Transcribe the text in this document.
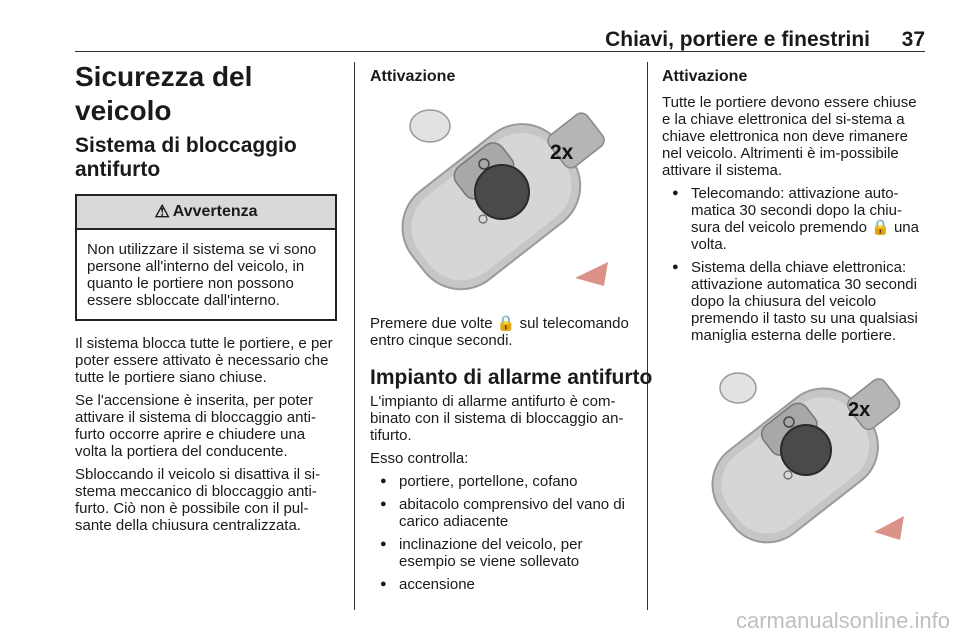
Chiavi, portiere e finestrini	37
Sicurezza del veicolo
Sistema di bloccaggio antifurto
⚠ Avvertenza
Non utilizzare il sistema se vi sono persone all'interno del veicolo, in quanto le portiere non possono essere sbloccate dall'interno.

Il sistema blocca tutte le portiere, e per poter essere attivato è necessario che tutte le portiere siano chiuse.

Se l'accensione è inserita, per poter attivare il sistema di bloccaggio anti-furto occorre aprire e chiudere una volta la portiera del conducente.

Sbloccando il veicolo si disattiva il si-stema meccanico di bloccaggio anti-furto. Ciò non è possibile con il pul-sante della chiusura centralizzata.

Attivazione
2x

Premere due volte 🔒 sul telecomando entro cinque secondi.

Impianto di allarme antifurto

L'impianto di allarme antifurto è com-binato con il sistema di bloccaggio an-tifurto.

Esso controlla:

● portiere, portellone, cofano
● abitacolo comprensivo del vano di carico adiacente
● inclinazione del veicolo, per esempio se viene sollevato
● accensione
Attivazione

Tutte le portiere devono essere chiuse e la chiave elettronica del si-stema a chiave elettronica non deve rimanere nel veicolo. Altrimenti è im-possibile attivare il sistema.

● Telecomando: attivazione auto-matica 30 secondi dopo la chiu-sura del veicolo premendo 🔒 una volta.
● Sistema della chiave elettronica: attivazione automatica 30 secondi dopo la chiusura del veicolo premendo il tasto su una qualsiasi maniglia esterna delle portiere.
2x
carmanualsonline.info
